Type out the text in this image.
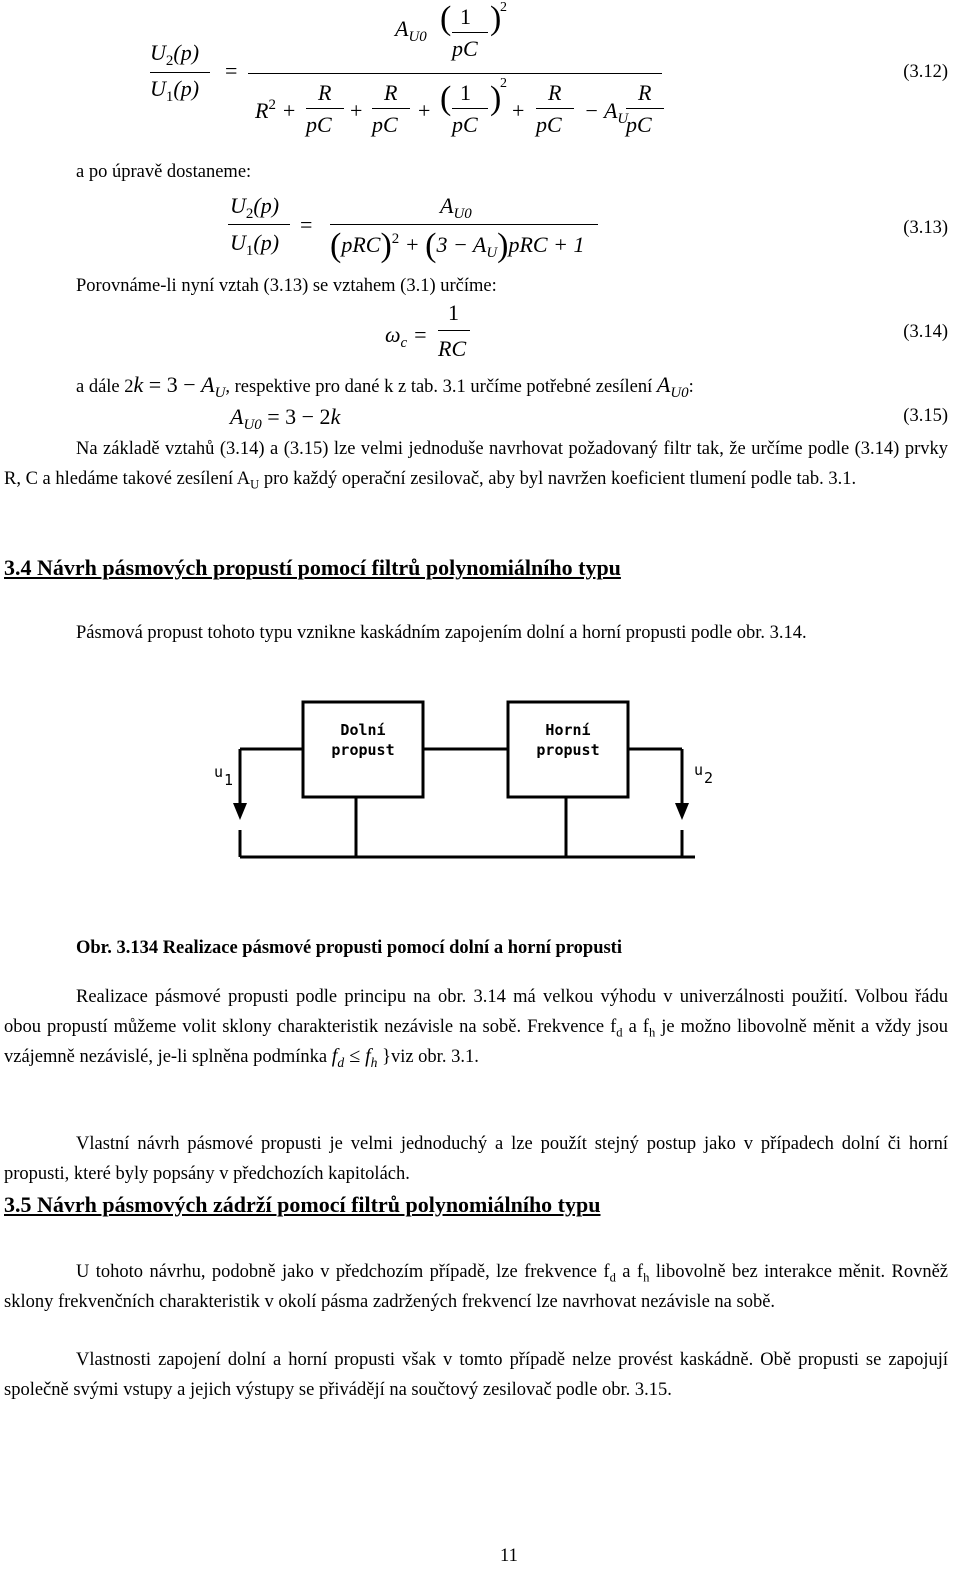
$U_2(p)$
$U_1(p)$
=
$A_{U0}$
( 1
pC
)
2
$R^2$ +
R
pC
+
R
pC
+ ( 1
pC
)
2
+
R
pC
− $A_U$
R
pC
(3.12)
a po úpravě dostaneme:
$U_2(p)$
$U_1(p)$
=
$A_{U0}$
$(pRC)^2 + (3 - A_U)pRC + 1$
(3.13)
Porovnáme-li nyní vztah (3.13) se vztahem (3.1) určíme:
$\omega_c$ =
1
RC
(3.14)
a dále $2k = 3 - A_U$, respektive pro dané k z tab. 3.1 určíme potřebné zesílení $A_{U0}$:
$A_{U0} = 3 - 2k$	(3.15)
Na základě vztahů (3.14) a (3.15) lze velmi jednoduše navrhovat požadovaný filtr tak, že určíme podle (3.14) prvky R, C a hledáme takové zesílení $A_U$ pro každý operační zesilovač, aby byl navržen koeficient tlumení podle tab. 3.1.
3.4 Návrh pásmových propustí pomocí filtrů polynomiálního typu
Pásmová propust tohoto typu vznikne kaskádním zapojením dolní a horní propusti podle obr. 3.14.
Dolní
propust
Horní
propust
u 1
u 2
Obr. 3.134 Realizace pásmové propusti pomocí dolní a horní propusti
Realizace pásmové propusti podle principu na obr. 3.14 má velkou výhodu v univerzálnosti použití. Volbou řádu obou propustí můžeme volit sklony charakteristik nezávisle na sobě. Frekvence $f_d$ a $f_h$ je možno libovolně měnit a vždy jsou vzájemně nezávislé, je-li splněna podmínka $f_d \le f_h$ }viz obr. 3.1.
Vlastní návrh pásmové propusti je velmi jednoduchý a lze použít stejný postup jako v případech dolní či horní propusti, které byly popsány v předchozích kapitolách.
3.5 Návrh pásmových zádrží pomocí filtrů polynomiálního typu
U tohoto návrhu, podobně jako v předchozím případě, lze frekvence $f_d$ a $f_h$ libovolně bez interakce měnit. Rovněž sklony frekvenčních charakteristik v okolí pásma zadržených frekvencí lze navrhovat nezávisle na sobě.
Vlastnosti zapojení dolní a horní propusti však v tomto případě nelze provést kaskádně. Obě propusti se zapojují společně svými vstupy a jejich výstupy se přivádějí na součtový zesilovač podle obr. 3.15.
11
